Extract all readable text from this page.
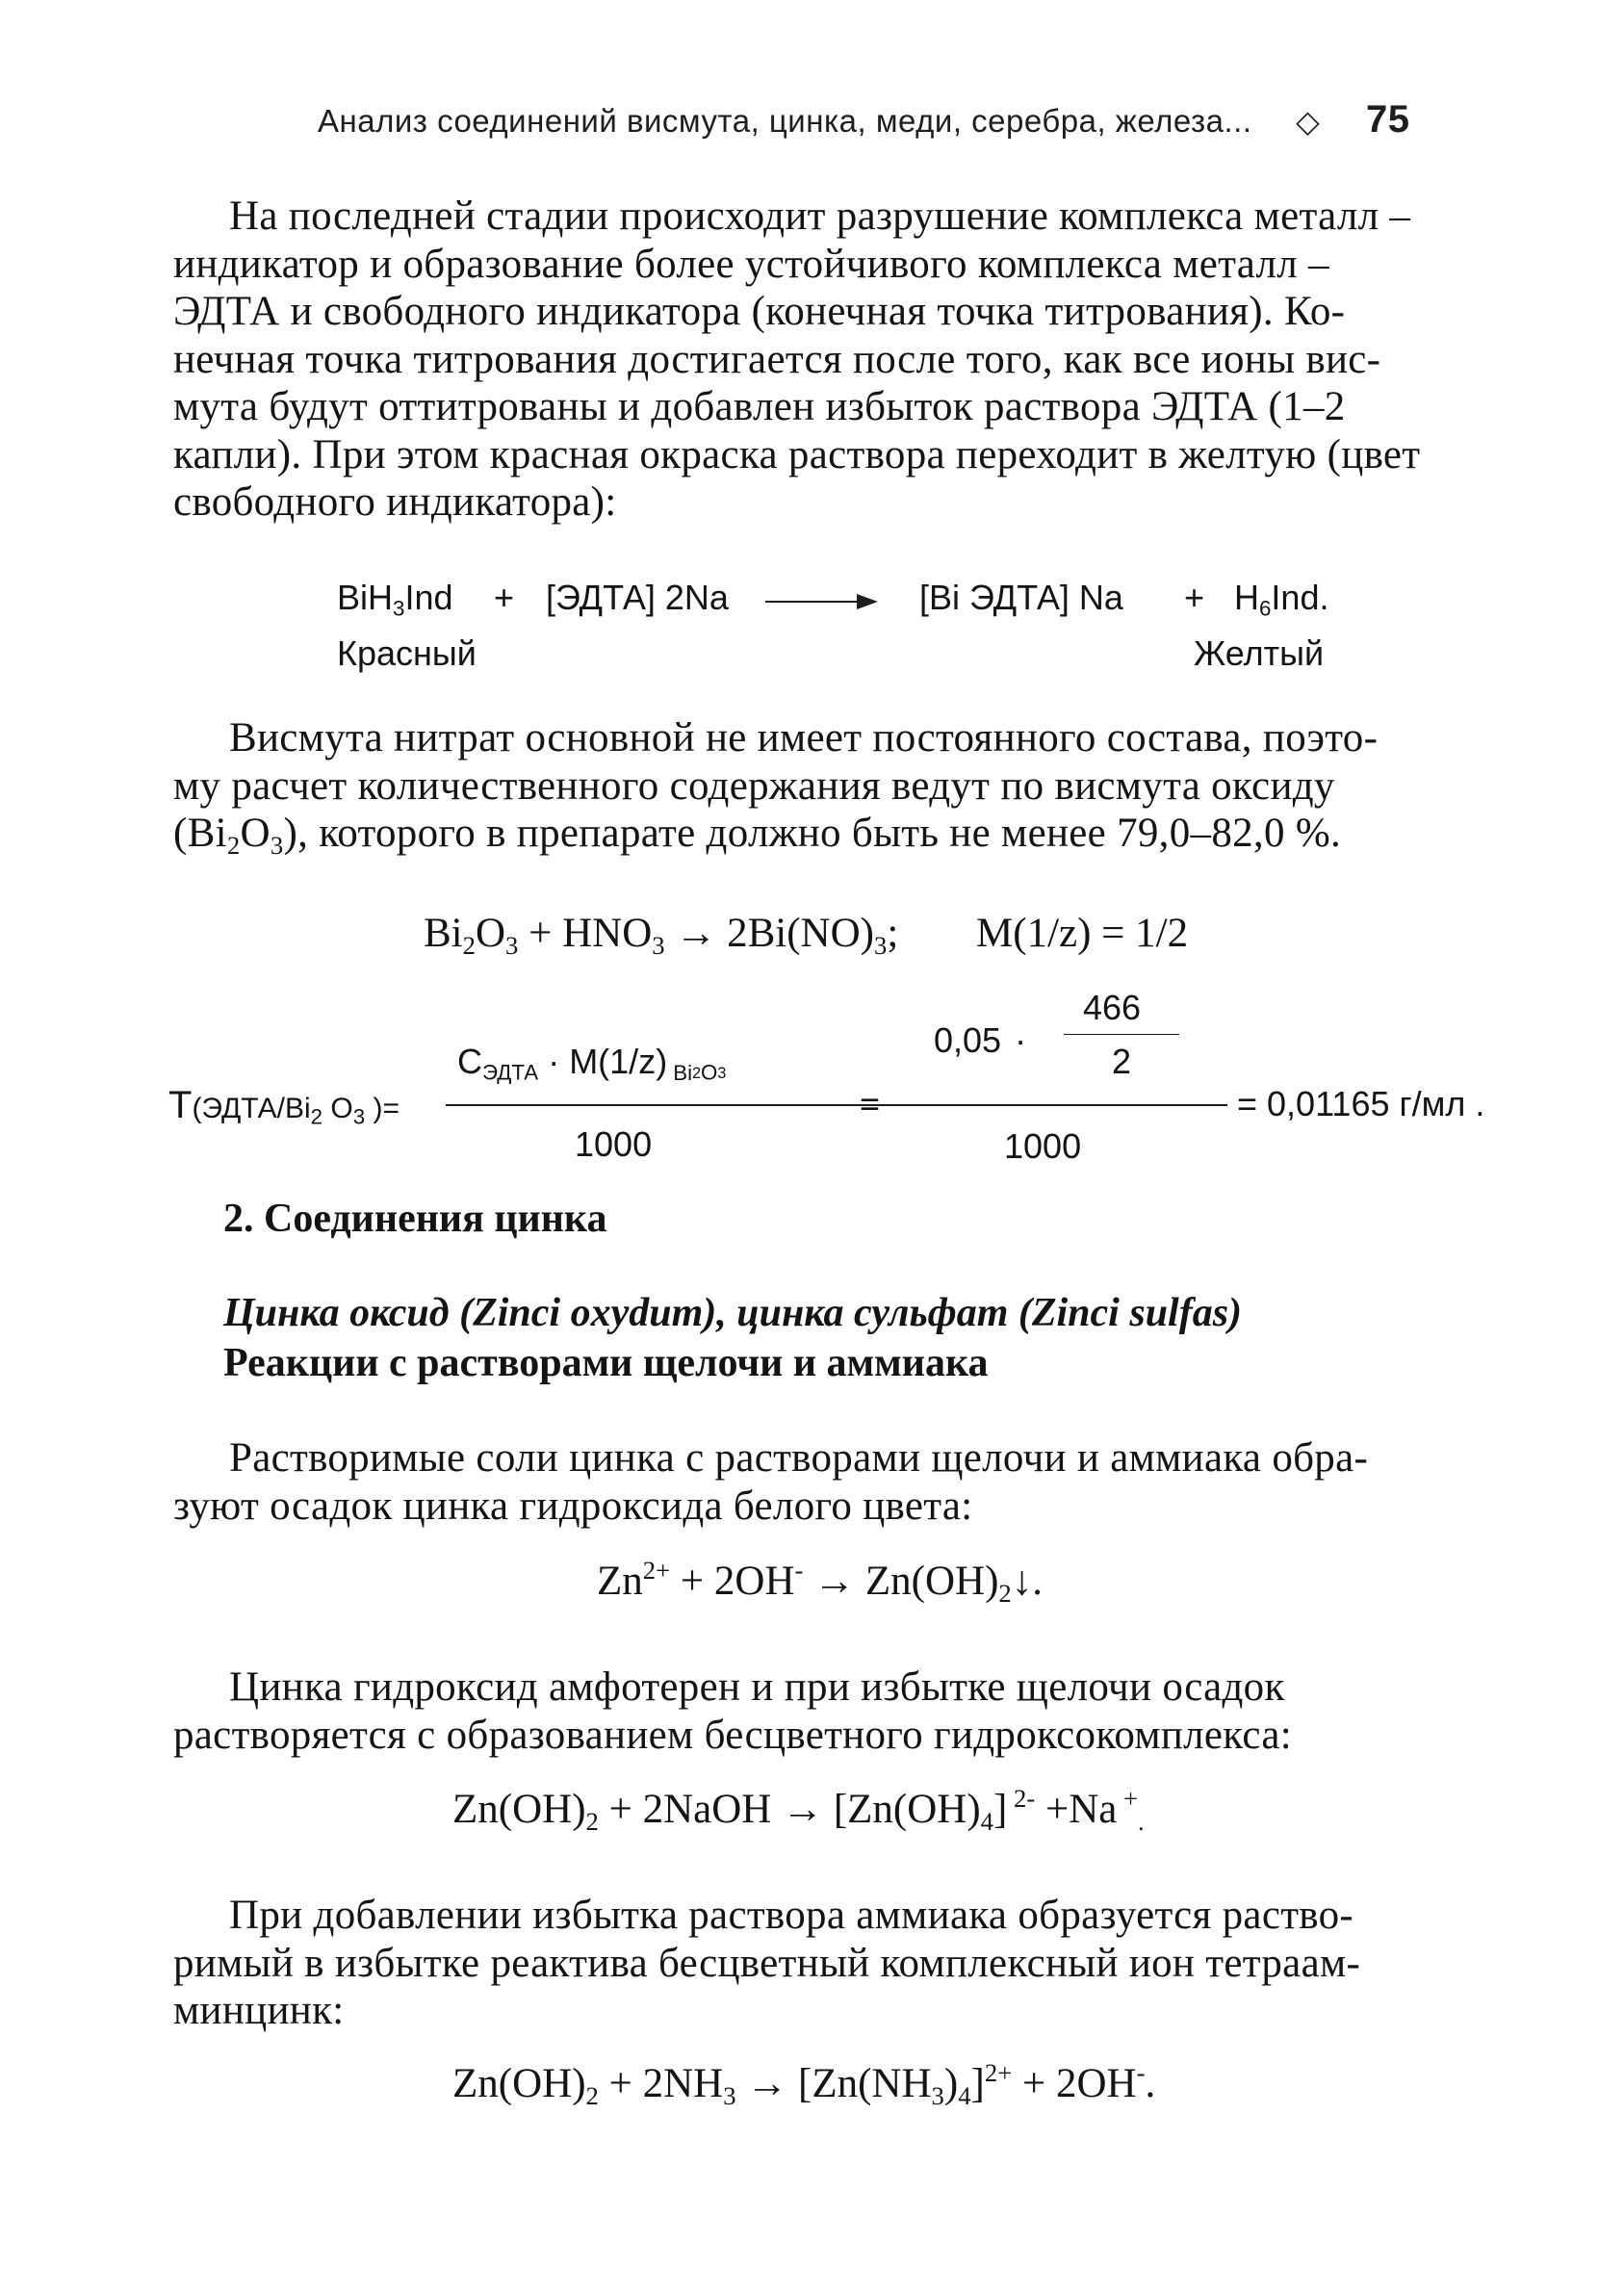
Анализ соединений висмута, цинка, меди, серебра, железа... ◇ 75
На последней стадии происходит разрушение комплекса металл –
индикатор и образование более устойчивого комплекса металл –
ЭДТА и свободного индикатора (конечная точка титрования). Ко-
нечная точка титрования достигается после того, как все ионы вис-
мута будут оттитрованы и добавлен избыток раствора ЭДТА (1–2
капли). При этом красная окраска раствора переходит в желтую (цвет
свободного индикатора):
BiH$_3$Ind + [ЭДТА] 2Na	[Bi ЭДТА] $Na + H_6Ind$.
Красный	Желтый
Висмута нитрат основной не имеет постоянного состава, поэто-
му расчет количественного содержания ведут по висмута оксиду
$(Bi_2O_3)$, которого в препарате должно быть не менее 79,0–82,0 %.
$Bi_2O_3 + HNO_3 \to 2Bi(NO)_3$; M(1/z) = 1/2
$T(ЭДТА/Bi_2$ $O_3$ )=
$C_{ЭДТА} \cdot M(1/z)$ $_{Bi2O3}$
1000
=
0,05 ·
466
2
1000
= 0,01165 г/мл .
2. Соединения цинка
Цинка оксид (Zinci oxydum), цинка сульфат (Zinci sulfas)
Реакции с растворами щелочи и аммиака
Растворимые соли цинка с растворами щелочи и аммиака обра-
зуют осадок цинка гидроксида белого цвета:
$Zn^{2+} + 2OH^-$ → $Zn(OH)_2↓$.
Цинка гидроксид амфотерен и при избытке щелочи осадок
растворяется с образованием бесцветного гидроксокомплекса:
$Zn(OH)_2$ + 2NaOH → $[Zn(OH)_4]$ $^{2-}$ +Na +$_.$
При добавлении избытка раствора аммиака образуется раство-
римый в избытке реактива бесцветный комплексный ион тетраам-
минцинк:
$Zn(OH)_2 + 2NH_3 \to [Zn(NH_3)_4]^{2+} + 2OH^-$.
